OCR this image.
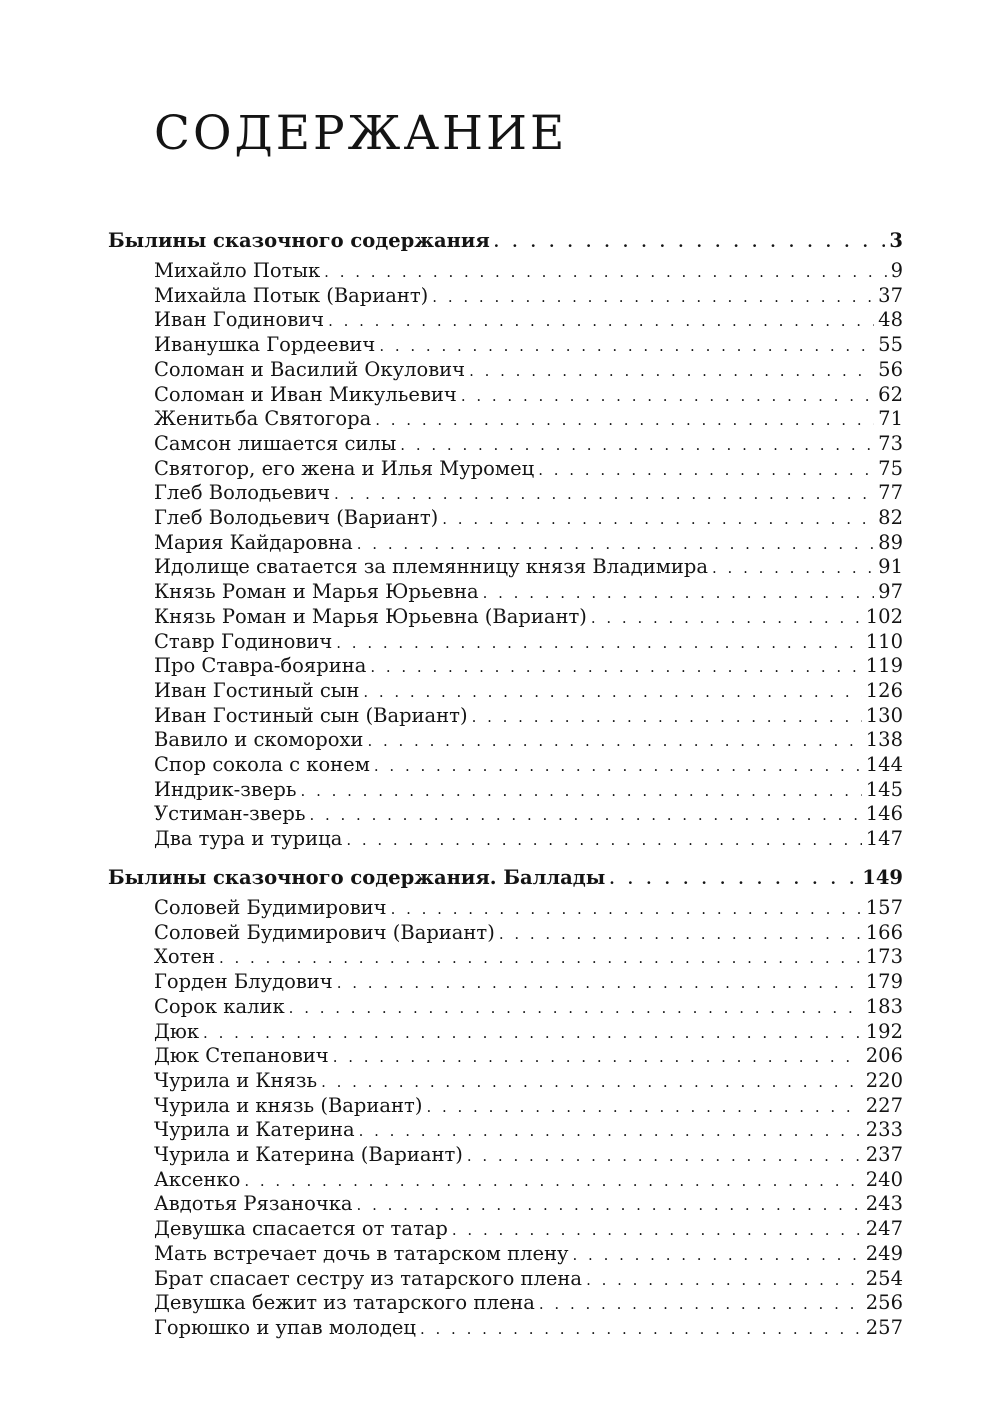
СОДЕРЖАНИЕ
Былины сказочного содержания . . .	3
Михайло Потык . . .	9
Михайла Потык (Вариант) . . .	37
Иван Годинович . . .	48
Иванушка Гордеевич . . .	55
Соломан и Василий Окулович . . .	56
Соломан и Иван Микульевич . . .	62
Женитьба Святогора . . .	71
Самсон лишается силы . . .	73
Святогор, его жена и Илья Муромец . . .	75
Глеб Володьевич . . .	77
Глеб Володьевич (Вариант) . . .	82
Мария Кайдаровна . . .	89
Идолище сватается за племянницу князя Владимира . . .	91
Князь Роман и Марья Юрьевна . . .	97
Князь Роман и Марья Юрьевна (Вариант) . . .	102
Ставр Годинович . . .	110
Про Ставра-боярина . . .	119
Иван Гостиный сын . . .	126
Иван Гостиный сын (Вариант) . . .	130
Вавило и скоморохи . . .	138
Спор сокола с конем . . .	144
Индрик-зверь . . .	145
Устиман-зверь . . .	146
Два тура и турица . . .	147
Былины сказочного содержания. Баллады . . .	149
Соловей Будимирович . . .	157
Соловей Будимирович (Вариант) . . .	166
Хотен . . .	173
Горден Блудович . . .	179
Сорок калик . . .	183
Дюк . . .	192
Дюк Степанович . . .	206
Чурила и Князь . . .	220
Чурила и князь (Вариант) . . .	227
Чурила и Катерина . . .	233
Чурила и Катерина (Вариант) . . .	237
Аксенко . . .	240
Авдотья Рязаночка . . .	243
Девушка спасается от татар . . .	247
Мать встречает дочь в татарском плену . . .	249
Брат спасает сестру из татарского плена . . .	254
Девушка бежит из татарского плена . . .	256
Горюшко и упав молодец . . .	257
